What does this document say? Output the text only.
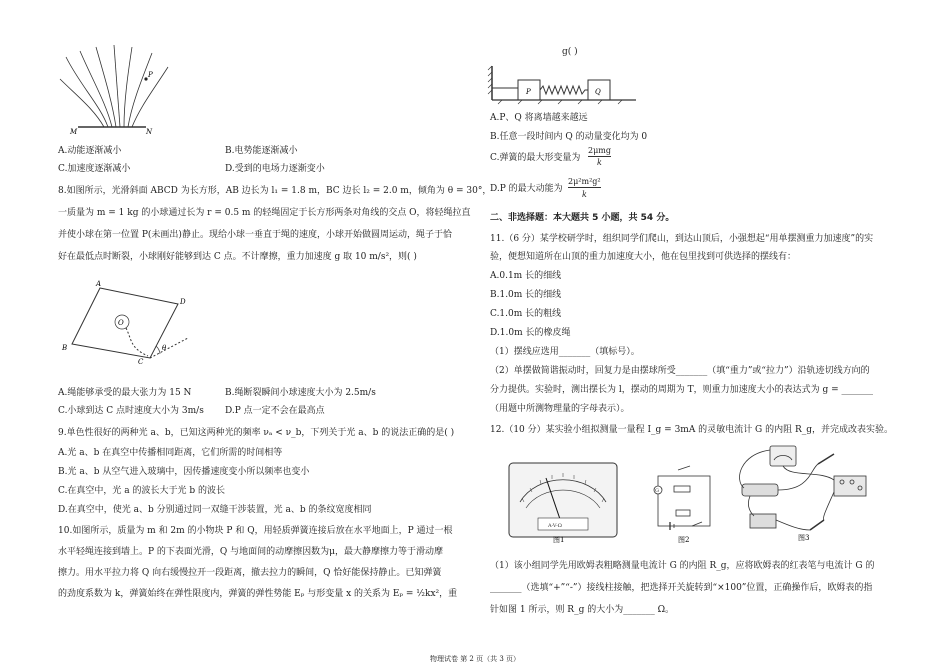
P
M	N
A.动能逐渐减小	B.电势能逐渐减小
C.加速度逐渐减小	D.受到的电场力逐渐变小
8.如图所示，光滑斜面 ABCD 为长方形，AB 边长为 l₁ = 1.8 m，BC 边长 l₂ = 2.0 m，倾角为 θ = 30°，
一质量为 m = 1 kg 的小球通过长为 r = 0.5 m 的轻绳固定于长方形两条对角线的交点 O，将轻绳拉直
并使小球在第一位置 P(未画出)静止。现给小球一垂直于绳的速度，小球开始做圆周运动，绳子于恰
好在最低点时断裂，小球刚好能够到达 C 点。不计摩擦，重力加速度 g 取 10 m/s²，则( )
A
D
B
C
O
θ
A.绳能够承受的最大张力为 15 N	B.绳断裂瞬间小球速度大小为 2.5m/s
C.小球到达 C 点时速度大小为 3m/s D.P 点一定不会在最高点
9.单色性很好的两种光 a、b，已知这两种光的频率 νₐ < ν_b，下列关于光 a、b 的说法正确的是( )
A.光 a、b 在真空中传播相同距离，它们所需的时间相等
B.光 a、b 从空气进入玻璃中，因传播速度变小所以频率也变小
C.在真空中，光 a 的波长大于光 b 的波长
D.在真空中，使光 a、b 分别通过同一双缝干涉装置，光 a、b 的条纹宽度相同
10.如图所示，质量为 m 和 2m 的小物块 P 和 Q，用轻质弹簧连接后放在水平地面上，P 通过一根
水平轻绳连接到墙上。P 的下表面光滑，Q 与地面间的动摩擦因数为μ，最大静摩擦力等于滑动摩
擦力。用水平拉力将 Q 向右缓慢拉开一段距离，撤去拉力的瞬间，Q 恰好能保持静止。已知弹簧
的劲度系数为 k，弹簧始终在弹性限度内，弹簧的弹性势能 Eₚ 与形变量 x 的关系为 Eₚ = ½kx²，重
g( )
P	Q
A.P、Q 将离墙越来越远
B.任意一段时间内 Q 的动量变化均为 0
C.弹簧的最大形变量为
2μmg
k
D.P 的最大动能为
2μ²m²g²
k
二、非选择题：本大题共 5 小题，共 54 分。
11.（6 分）某学校研学时，组织同学们爬山，到达山顶后，小强想起“用单摆测重力加速度”的实
验，便想知道所在山顶的重力加速度大小，他在包里找到可供选择的摆线有：
A.0.1m 长的细线
B.1.0m 长的细线
C.1.0m 长的粗线
D.1.0m 长的橡皮绳
（1）摆线应选用_______（填标号）。
（2）单摆做简谐振动时，回复力是由摆球所受_______（填“重力”或“拉力”）沿轨迹切线方向的
分力提供。实验时，测出摆长为 l，摆动的周期为 T，则重力加速度大小的表达式为 g = _______
（用题中所测物理量的字母表示）。
12.（10 分）某实验小组拟测量一量程 I_g = 3mA 的灵敏电流计 G 的内阻 R_g，并完成改表实验。
A-V-Ω
图1
G
图2	图3
（1）该小组同学先用欧姆表粗略测量电流计 G 的内阻 R_g，应将欧姆表的红表笔与电流计 G 的
_______（选填“+”“-”）接线柱接触，把选择开关旋转到“×100”位置，正确操作后，欧姆表的指
针如图 1 所示，则 R_g 的大小为_______ Ω。
物理试卷 第 2 页（共 3 页）
